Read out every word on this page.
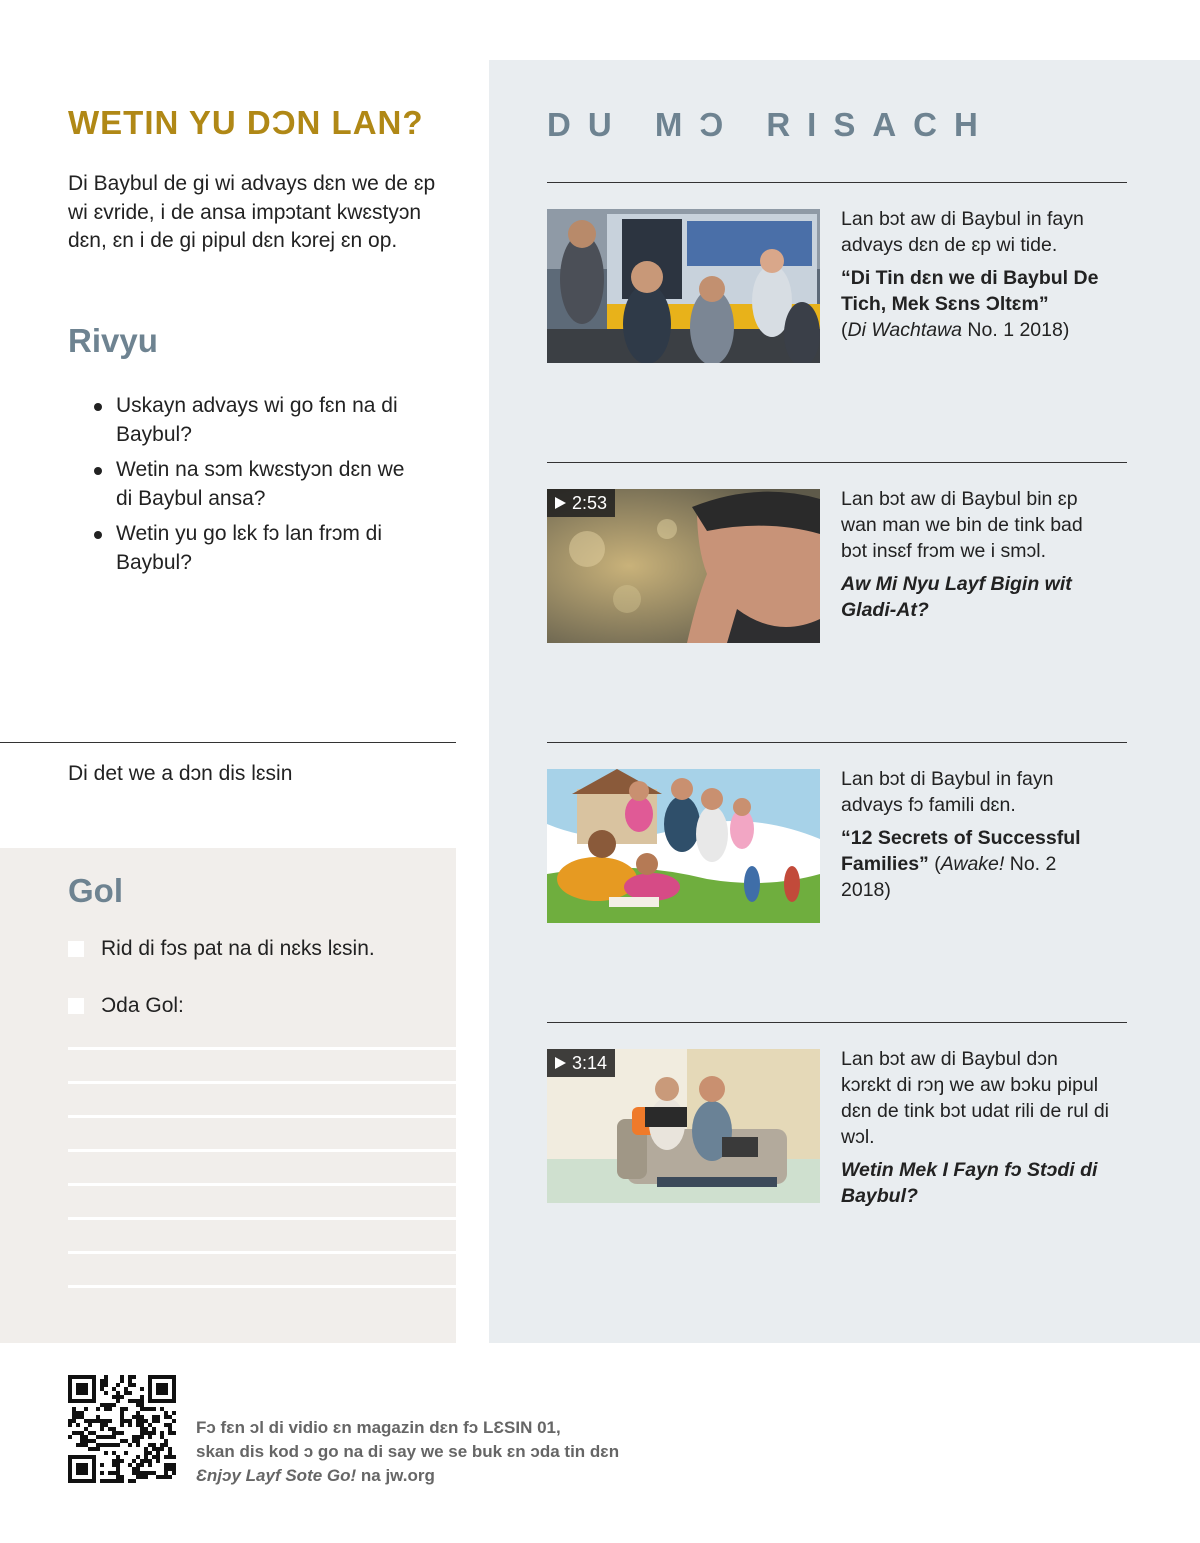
WETIN YU DƆN LAN?

Di Baybul de gi wi advays dɛn we de ɛp wi ɛvride, i de ansa impɔtant kwɛstyɔn dɛn, ɛn i de gi pipul dɛn kɔrej ɛn op.

Rivyu
Uskayn advays wi go fɛn na di Baybul?
Wetin na sɔm kwɛstyɔn dɛn we di Baybul ansa?
Wetin yu go lɛk fɔ lan frɔm di Baybul?
Di det we a dɔn dis lɛsin
Gol
Rid di fɔs pat na di nɛks lɛsin.
Ɔda Gol:
DU MƆ RISACH

Lan bɔt aw di Baybul in fayn advays dɛn de ɛp wi tide.

“Di Tin dɛn we di Baybul De Tich, Mek Sɛns Ɔltɛm”
(Di Wachtawa No. 1 2018)

2:53	Lan bɔt aw di Baybul bin ɛp wan man we bin de tink bad bɔt insɛf frɔm we i smɔl.

Aw Mi Nyu Layf Bigin wit Gladi-At?

Lan bɔt di Baybul in fayn advays fɔ famili dɛn.

“12 Secrets of Successful Families” (Awake! No. 2 2018)

3:14	Lan bɔt aw di Baybul dɔn kɔrɛkt di rɔŋ we aw bɔku pipul dɛn de tink bɔt udat rili de rul di wɔl.

Wetin Mek I Fayn fɔ Stɔdi di Baybul?

Fɔ fɛn ɔl di vidio ɛn magazin dɛn fɔ LƐSIN 01,
skan dis kod ɔ go na di say we se buk ɛn ɔda tin dɛn
Ɛnjɔy Layf Sote Go! na jw.org
